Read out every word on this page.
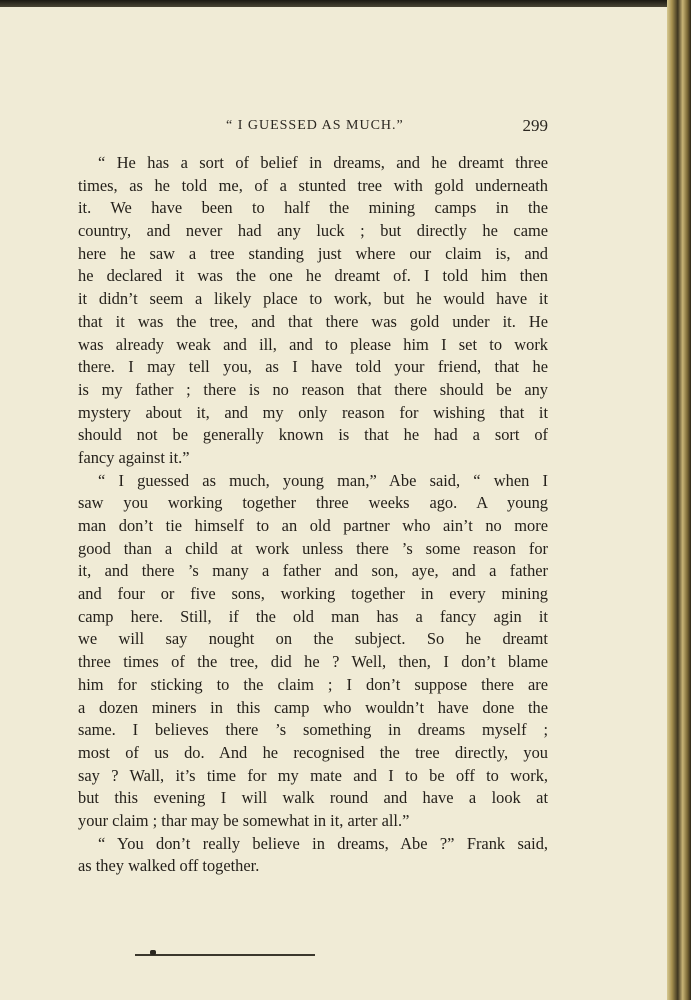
“ I GUESSED AS MUCH.”	299
“ He has a sort of belief in dreams, and he dreamt three
times, as he told me, of a stunted tree with gold underneath
it. We have been to half the mining camps in the
country, and never had any luck ; but directly he came
here he saw a tree standing just where our claim is, and
he declared it was the one he dreamt of. I told him then
it didn’t seem a likely place to work, but he would have it
that it was the tree, and that there was gold under it. He
was already weak and ill, and to please him I set to work
there. I may tell you, as I have told your friend, that he
is my father ; there is no reason that there should be any
mystery about it, and my only reason for wishing that it
should not be generally known is that he had a sort of
fancy against it.”
“ I guessed as much, young man,” Abe said, “ when I
saw you working together three weeks ago. A young
man don’t tie himself to an old partner who ain’t no more
good than a child at work unless there ’s some reason for
it, and there ’s many a father and son, aye, and a father
and four or five sons, working together in every mining
camp here. Still, if the old man has a fancy agin it
we will say nought on the subject. So he dreamt
three times of the tree, did he ? Well, then, I don’t blame
him for sticking to the claim ; I don’t suppose there are
a dozen miners in this camp who wouldn’t have done the
same. I believes there ’s something in dreams myself ;
most of us do. And he recognised the tree directly, you
say ? Wall, it’s time for my mate and I to be off to work,
but this evening I will walk round and have a look at
your claim ; thar may be somewhat in it, arter all.”
“ You don’t really believe in dreams, Abe ?” Frank said,
as they walked off together.
